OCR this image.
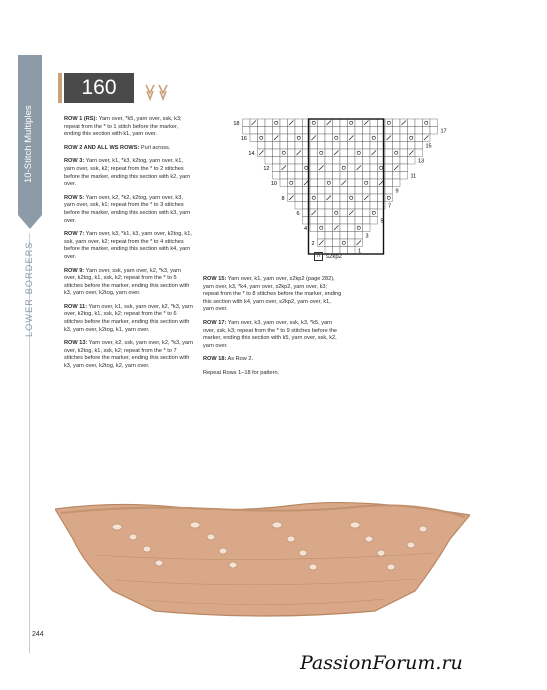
10-Stitch Multiples
LOWER BORDERS
160
ROW 1 (RS): Yarn over, *k5, yarn over, ssk, k3; repeat from the * to 1 stitch before the marker, ending this section with k1, yarn over.
ROW 2 AND ALL WS ROWS: Purl across.
ROW 3: Yarn over, k1, *k3, k2tog, yarn over, k1, yarn over, ssk, k2; repeat from the * to 2 stitches before the marker, ending this section with k2, yarn over.
ROW 5: Yarn over, k2, *k2, k2tog, yarn over, k3, yarn over, ssk, k1; repeat from the * to 3 stitches before the marker, ending this section with k3, yarn over.
ROW 7: Yarn over, k3, *k1, k3, yarn over, k2tog, k1, ssk, yarn over, k2; repeat from the * to 4 stitches before the marker, ending this section with k4, yarn over.
ROW 9: Yarn over, ssk, yarn over, k2, *k3, yarn over, k2tog, k1, ssk, k2; repeat from the * to 5 stitches before the marker, ending this section with k3, yarn over, k2tog, yarn over.
ROW 11: Yarn over, k1, ssk, yarn over, k2, *k3, yarn over, k2tog, k1, ssk, k2; repeat from the * to 6 stitches before the marker, ending this section with k3, yarn over, k2tog, k1, yarn over.
ROW 13: Yarn over, k2, ssk, yarn over, k2, *k3, yarn over, k2tog, k1, ssk, k2; repeat from the * to 7 stitches before the marker, ending this section with k3, yarn over, k2tog, k2, yarn over.
ROW 15: Yarn over, k1, yarn over, s2kp2 (page 282), yarn over, k3, *k4, yarn over, s2kp2, yarn over, k3; repeat from the * to 8 stitches before the marker, ending this section with k4, yarn over, s2kp2, yarn over, k1, yarn over.
ROW 17: Yarn over, k3, yarn over, ssk, k3, *k5, yarn over, ssk, k3; repeat from the * to 9 stitches before the marker, ending this section with k5, yarn over, ssk, k2, yarn over.
ROW 18: As Row 2.
Repeat Rows 1–18 for pattern.
18
16
14
12
10
8
6
4
2
17
15
13
11
9
7
5
3
1
Λ s2kp2
244
PassionForum.ru
